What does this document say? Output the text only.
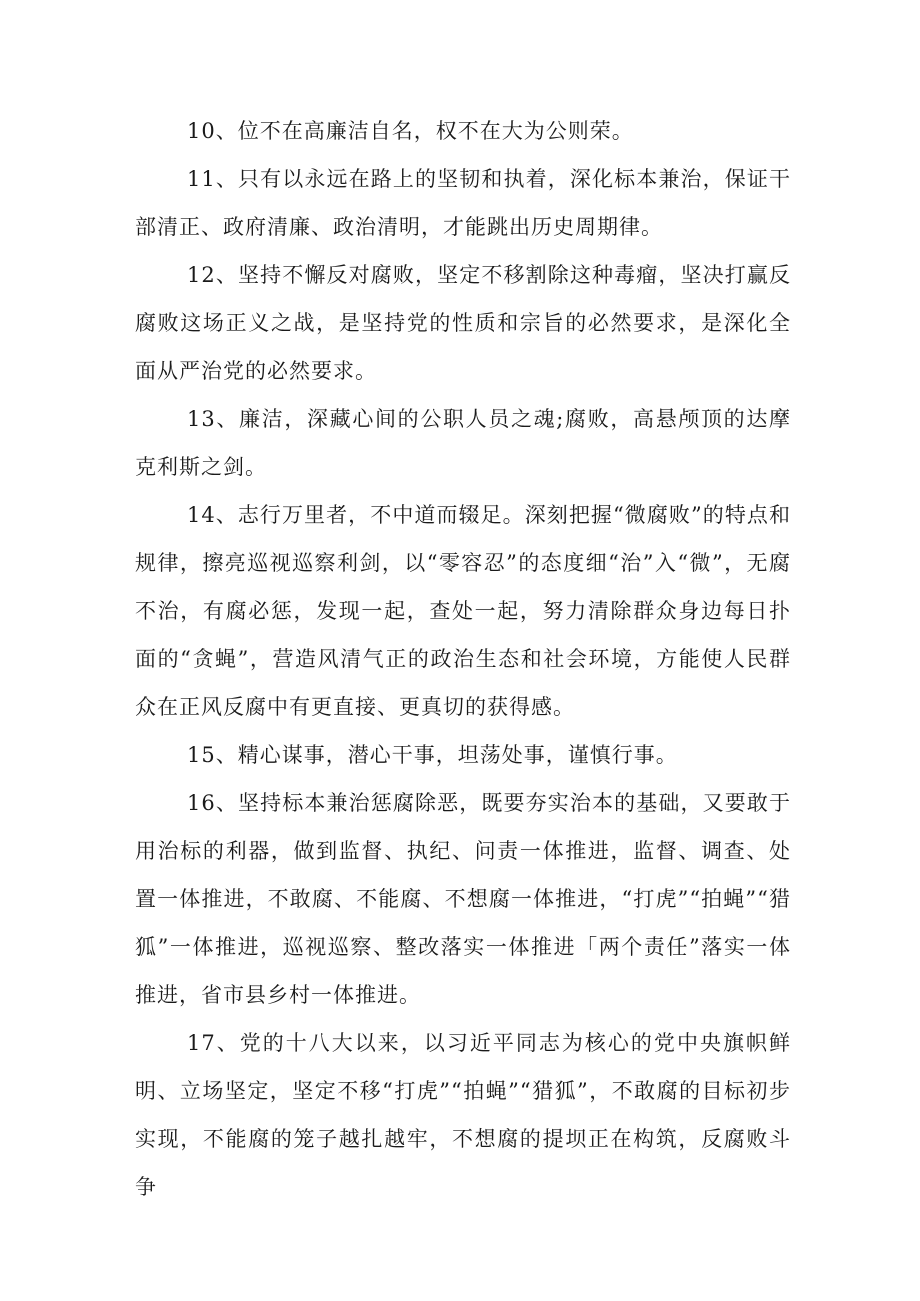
10、位不在高廉洁自名，权不在大为公则荣。

11、只有以永远在路上的坚韧和执着，深化标本兼治，保证干部清正、政府清廉、政治清明，才能跳出历史周期律。

12、坚持不懈反对腐败，坚定不移割除这种毒瘤，坚决打赢反腐败这场正义之战，是坚持党的性质和宗旨的必然要求，是深化全面从严治党的必然要求。

13、廉洁，深藏心间的公职人员之魂;腐败，高悬颅顶的达摩克利斯之剑。

14、志行万里者，不中道而辍足。深刻把握“微腐败”的特点和规律，擦亮巡视巡察利剑，以“零容忍”的态度细“治”入“微”，无腐不治，有腐必惩，发现一起，查处一起，努力清除群众身边每日扑面的“贪蝇”，营造风清气正的政治生态和社会环境，方能使人民群众在正风反腐中有更直接、更真切的获得感。

15、精心谋事，潜心干事，坦荡处事，谨慎行事。

16、坚持标本兼治惩腐除恶，既要夯实治本的基础，又要敢于用治标的利器，做到监督、执纪、问责一体推进，监督、调查、处置一体推进，不敢腐、不能腐、不想腐一体推进，“打虎”“拍蝇”“猎狐”一体推进，巡视巡察、整改落实一体推进「两个责任”落实一体推进，省市县乡村一体推进。

17、党的十八大以来，以习近平同志为核心的党中央旗帜鲜明、立场坚定，坚定不移“打虎”“拍蝇”“猎狐”，不敢腐的目标初步实现，不能腐的笼子越扎越牢，不想腐的提坝正在构筑，反腐败斗争
